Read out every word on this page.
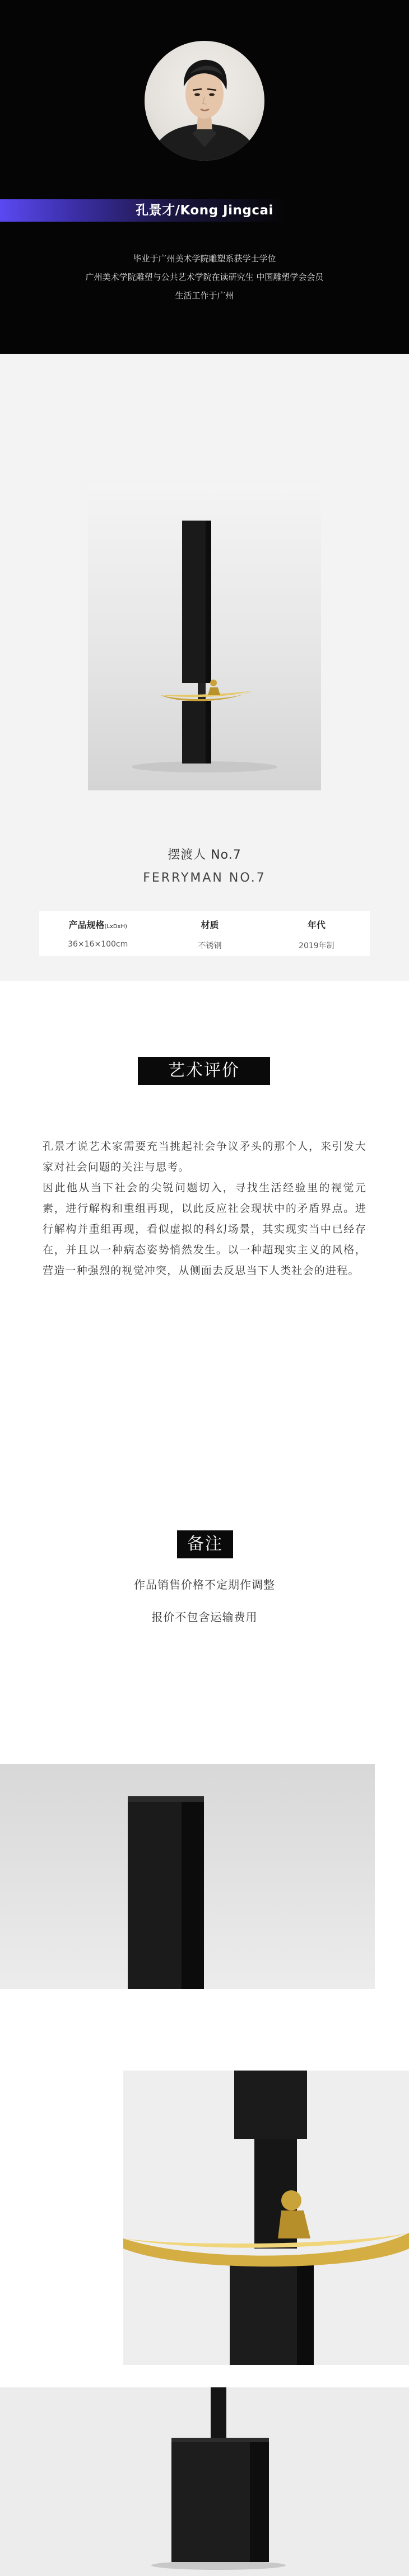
孔景才/Kong Jingcai

毕业于广州美术学院雕塑系获学士学位

广州美术学院雕塑与公共艺术学院在读研究生 中国雕塑学会会员

生活工作于广州

摆渡人 No.7
FERRYMAN NO.7
产品规格(LxDxH)
36×16×100cm
材质
不锈钢
年代
2019年制
艺术评价

孔景才说艺术家需要充当挑起社会争议矛头的那个人，来引发大家对社会问题的关注与思考。

因此他从当下社会的尖锐问题切入，寻找生活经验里的视觉元素，进行解构和重组再现，以此反应社会现状中的矛盾界点。进行解构并重组再现，看似虚拟的科幻场景，其实现实当中已经存在，并且以一种病态姿势悄然发生。以一种超现实主义的风格，营造一种强烈的视觉冲突，从侧面去反思当下人类社会的进程。

备注
作品销售价格不定期作调整
报价不包含运输费用
